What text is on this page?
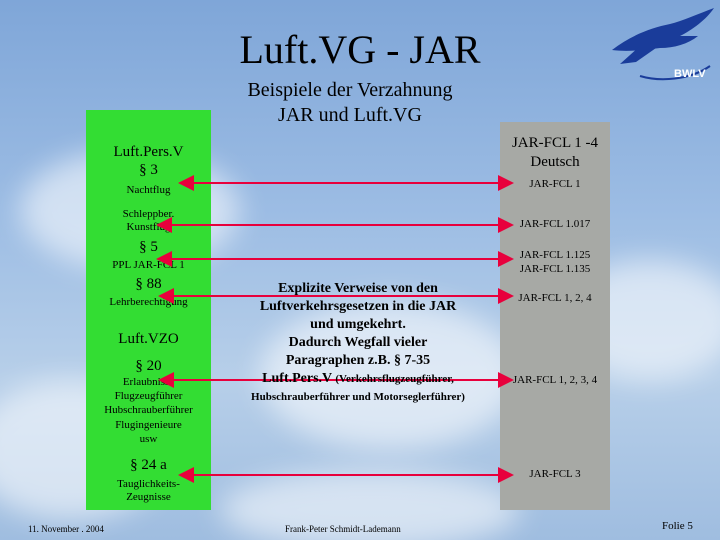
BWLV
Luft.VG - JAR
Beispiele der Verzahnung
JAR und Luft.VG
Luft.Pers.V
§ 3
Nachtflug
Schleppber.
Kunstflug
§ 5
PPL JAR-FCL 1
§ 88
Lehrberechtigung
Luft.VZO
§ 20
Erlaubnisse
Flugzeugführer
Hubschrauberführer
Flugingenieure
usw
§ 24 a
Tauglichkeits-
Zeugnisse
JAR-FCL 1 -4
Deutsch
JAR-FCL 1
JAR-FCL 1.017
JAR-FCL 1.125
JAR-FCL 1.135
JAR-FCL 1, 2, 4
JAR-FCL 1, 2, 3, 4
JAR-FCL 3
Explizite Verweise von den
Luftverkehrsgesetzen in die JAR
und umgekehrt.
Dadurch Wegfall vieler
Paragraphen z.B. § 7-35
Luft.Pers.V (Verkehrsflugzeugführer,
Hubschrauberführer und Motorseglerführer)
11. November . 2004	Frank-Peter Schmidt-Lademann	Folie 5
